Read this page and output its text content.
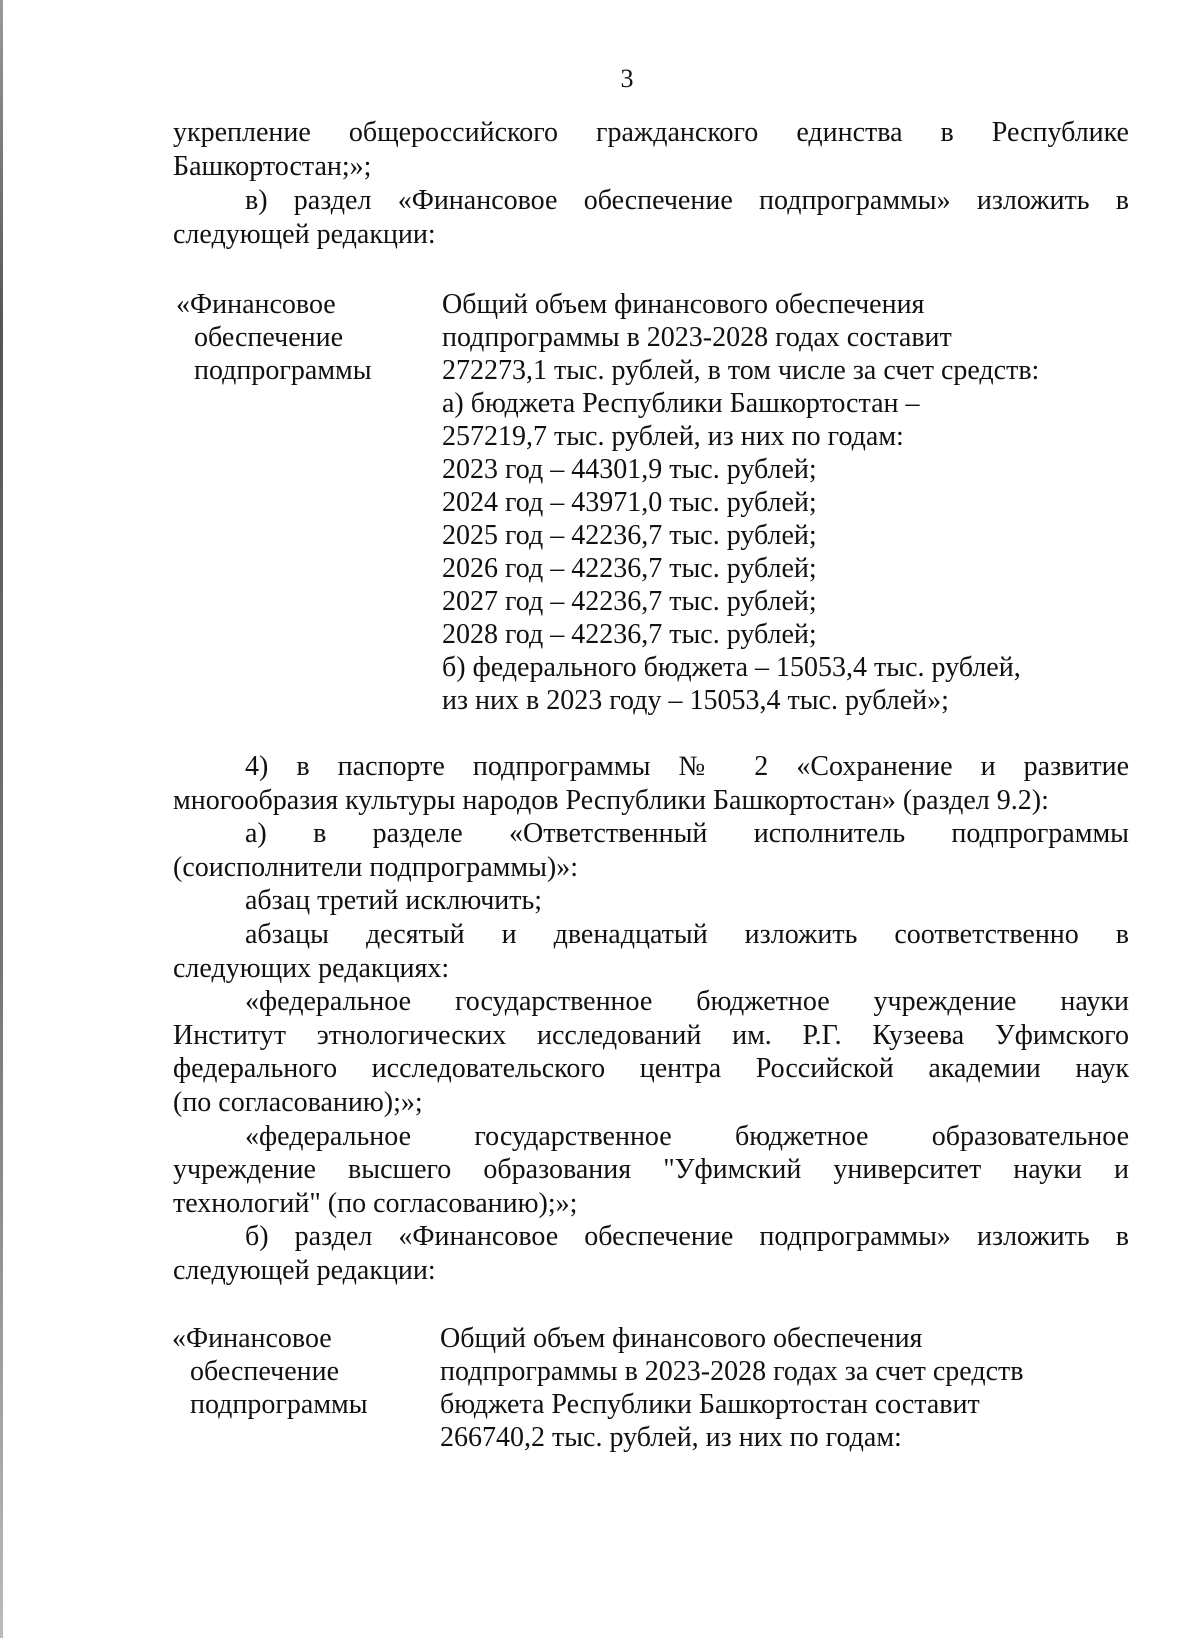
3
укрепление общероссийского гражданского единства в Республике
Башкортостан;»;
в) раздел «Финансовое обеспечение подпрограммы» изложить в
следующей редакции:
«Финансовое
обеспечение
подпрограммы
Общий объем финансового обеспечения
подпрограммы в 2023-2028 годах составит
272273,1 тыс. рублей, в том числе за счет средств:
а) бюджета Республики Башкортостан –
257219,7 тыс. рублей, из них по годам:
2023 год – 44301,9 тыс. рублей;
2024 год – 43971,0 тыс. рублей;
2025 год – 42236,7 тыс. рублей;
2026 год – 42236,7 тыс. рублей;
2027 год – 42236,7 тыс. рублей;
2028 год – 42236,7 тыс. рублей;
б) федерального бюджета – 15053,4 тыс. рублей,
из них в 2023 году – 15053,4 тыс. рублей»;
4) в паспорте подпрограммы № 2 «Сохранение и развитие
многообразия культуры народов Республики Башкортостан» (раздел 9.2):
а) в разделе «Ответственный исполнитель подпрограммы
(соисполнители подпрограммы)»:
абзац третий исключить;
абзацы десятый и двенадцатый изложить соответственно в
следующих редакциях:
«федеральное государственное бюджетное учреждение науки
Институт этнологических исследований им. Р.Г. Кузеева Уфимского
федерального исследовательского центра Российской академии наук
(по согласованию);»;
«федеральное государственное бюджетное образовательное
учреждение высшего образования "Уфимский университет науки и
технологий" (по согласованию);»;
б) раздел «Финансовое обеспечение подпрограммы» изложить в
следующей редакции:
«Финансовое
обеспечение
подпрограммы
Общий объем финансового обеспечения
подпрограммы в 2023-2028 годах за счет средств
бюджета Республики Башкортостан составит
266740,2 тыс. рублей, из них по годам:
